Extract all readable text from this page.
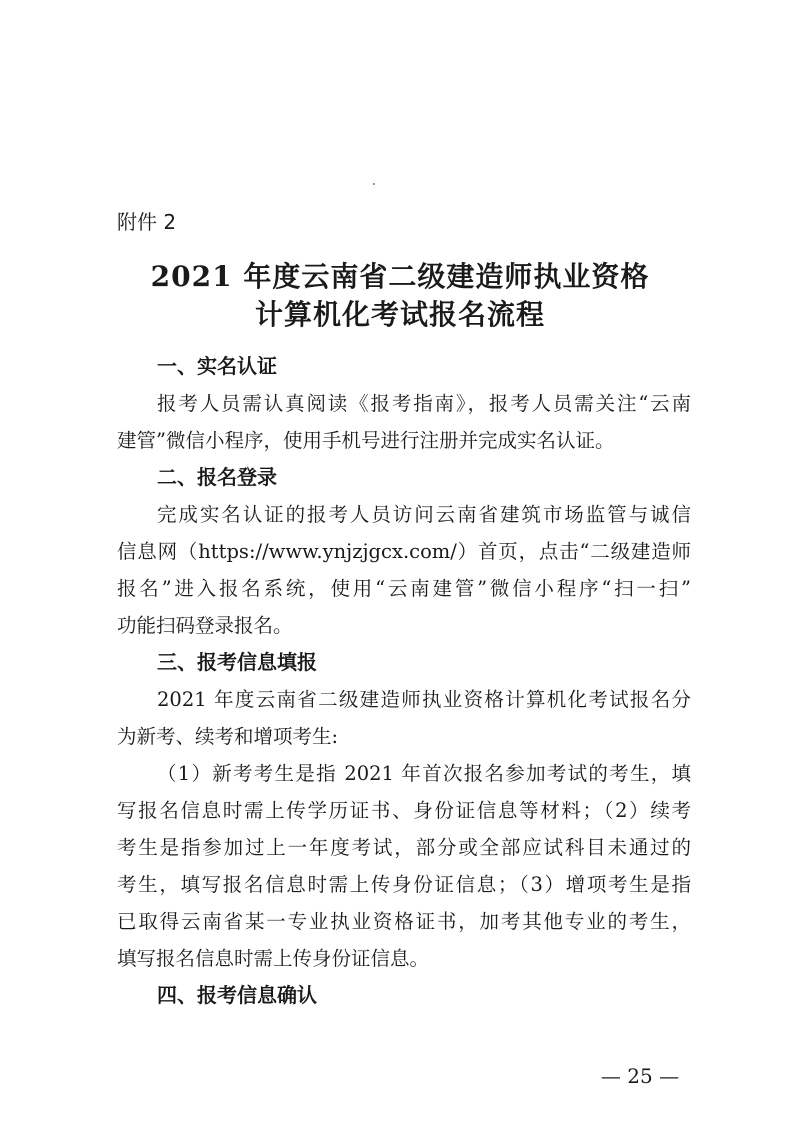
附件 2

2021 年度云南省二级建造师执业资格
计算机化考试报名流程
一、实名认证

报考人员需认真阅读《报考指南》，报考人员需关注“云南

建管”微信小程序，使用手机号进行注册并完成实名认证。

二、报名登录

完成实名认证的报考人员访问云南省建筑市场监管与诚信

信息网（https://www.ynjzjgcx.com/）首页，点击“二级建造师

报名”进入报名系统，使用“云南建管”微信小程序“扫一扫”

功能扫码登录报名。

三、报考信息填报

2021 年度云南省二级建造师执业资格计算机化考试报名分

为新考、续考和增项考生:

（1）新考考生是指 2021 年首次报名参加考试的考生，填

写报名信息时需上传学历证书、身份证信息等材料；（2）续考

考生是指参加过上一年度考试，部分或全部应试科目未通过的

考生，填写报名信息时需上传身份证信息；（3）增项考生是指

已取得云南省某一专业执业资格证书，加考其他专业的考生，

填写报名信息时需上传身份证信息。

四、报考信息确认

— 25 —
